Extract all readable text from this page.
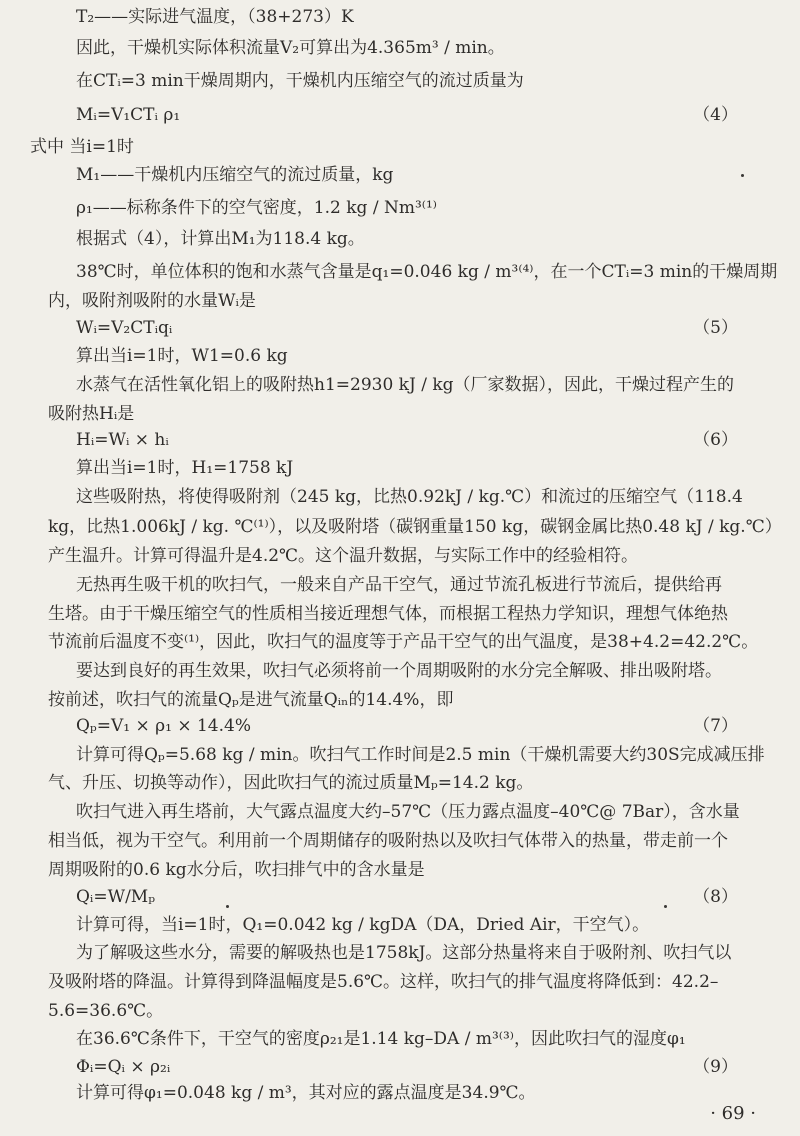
T₂——实际进气温度，（38+273）K
因此，干燥机实际体积流量V₂可算出为4.365m³ / min。
在CTᵢ=3 min干燥周期内，干燥机内压缩空气的流过质量为
Mᵢ=V₁CTᵢ ρ₁	（4）
式中 当i=1时
M₁——干燥机内压缩空气的流过质量，kg
ρ₁——标称条件下的空气密度，1.2 kg / Nm³⁽¹⁾
根据式（4），计算出M₁为118.4 kg。
38℃时，单位体积的饱和水蒸气含量是q₁=0.046 kg / m³⁽⁴⁾，在一个CTᵢ=3 min的干燥周期
内，吸附剂吸附的水量Wᵢ是
Wᵢ=V₂CTᵢqᵢ	（5）
算出当i=1时，W1=0.6 kg
水蒸气在活性氧化铝上的吸附热h1=2930 kJ / kg（厂家数据），因此，干燥过程产生的
吸附热Hᵢ是
Hᵢ=Wᵢ × hᵢ	（6）
算出当i=1时，H₁=1758 kJ
这些吸附热，将使得吸附剂（245 kg，比热0.92kJ / kg.℃）和流过的压缩空气（118.4
kg，比热1.006kJ / kg. ℃⁽¹⁾），以及吸附塔（碳钢重量150 kg，碳钢金属比热0.48 kJ / kg.℃）
产生温升。计算可得温升是4.2℃。这个温升数据，与实际工作中的经验相符。
无热再生吸干机的吹扫气，一般来自产品干空气，通过节流孔板进行节流后，提供给再
生塔。由于干燥压缩空气的性质相当接近理想气体，而根据工程热力学知识，理想气体绝热
节流前后温度不变⁽¹⁾，因此，吹扫气的温度等于产品干空气的出气温度，是38+4.2=42.2℃。
要达到良好的再生效果，吹扫气必须将前一个周期吸附的水分完全解吸、排出吸附塔。
按前述，吹扫气的流量Qₚ是进气流量Qᵢₙ的14.4%，即
Qₚ=V₁ × ρ₁ × 14.4%	（7）
计算可得Qₚ=5.68 kg / min。吹扫气工作时间是2.5 min（干燥机需要大约30S完成减压排
气、升压、切换等动作），因此吹扫气的流过质量Mₚ=14.2 kg。
吹扫气进入再生塔前，大气露点温度大约–57℃（压力露点温度–40℃@ 7Bar），含水量
相当低，视为干空气。利用前一个周期储存的吸附热以及吹扫气体带入的热量，带走前一个
周期吸附的0.6 kg水分后，吹扫排气中的含水量是
Qᵢ=W/Mₚ	（8）
计算可得，当i=1时，Q₁=0.042 kg / kgDA（DA，Dried Air，干空气）。
为了解吸这些水分，需要的解吸热也是1758kJ。这部分热量将来自于吸附剂、吹扫气以
及吸附塔的降温。计算得到降温幅度是5.6℃。这样，吹扫气的排气温度将降低到：42.2–
5.6=36.6℃。
在36.6℃条件下，干空气的密度ρ₂₁是1.14 kg–DA / m³⁽³⁾，因此吹扫气的湿度φ₁
Φᵢ=Qᵢ × ρ₂ᵢ	（9）
计算可得φ₁=0.048 kg / m³，其对应的露点温度是34.9℃。
· 69 ·
